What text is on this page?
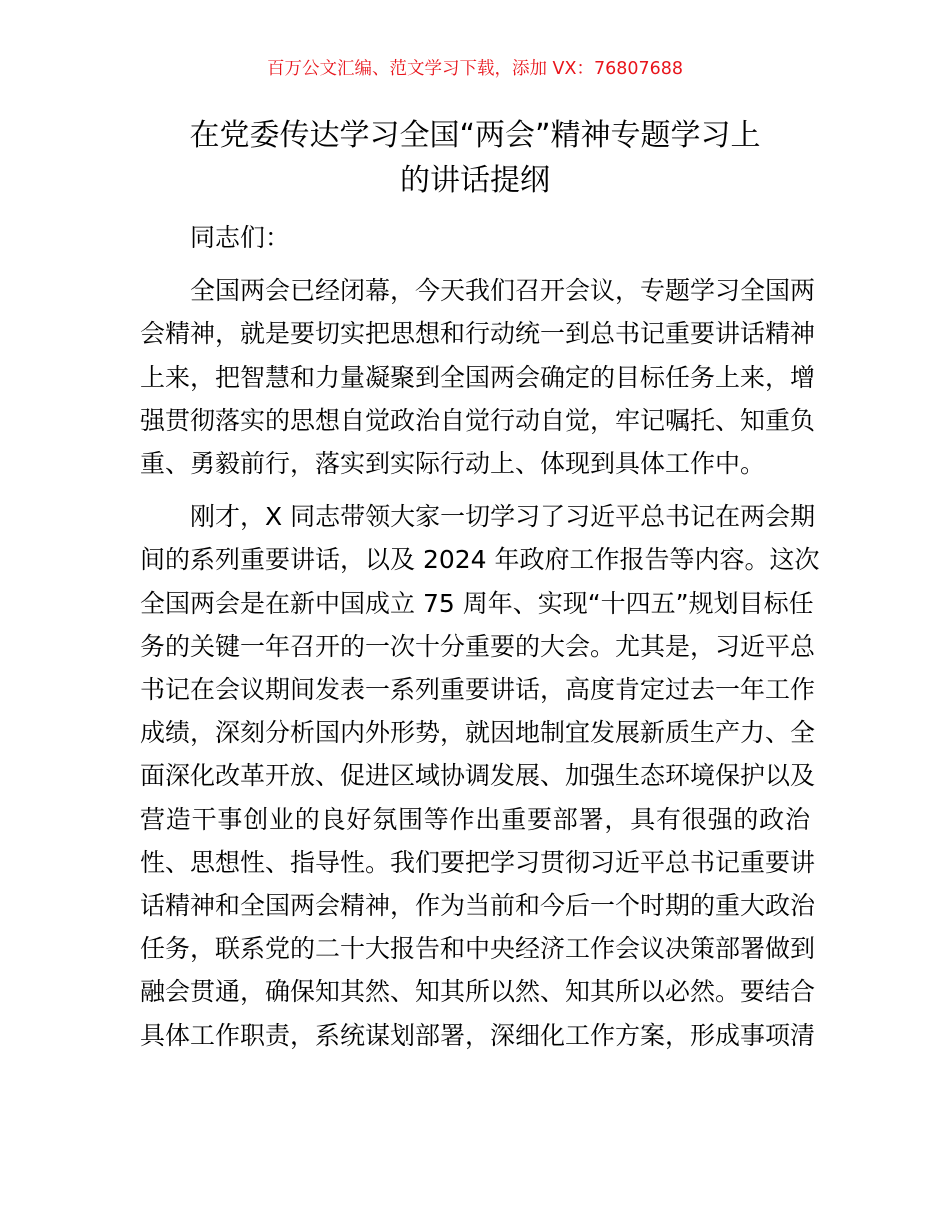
百万公文汇编、范文学习下载，添加 VX：76807688
在党委传达学习全国“两会”精神专题学习上
的讲话提纲
同志们：
全国两会已经闭幕，今天我们召开会议，专题学习全国两
会精神，就是要切实把思想和行动统一到总书记重要讲话精神
上来，把智慧和力量凝聚到全国两会确定的目标任务上来，增
强贯彻落实的思想自觉政治自觉行动自觉，牢记嘱托、知重负
重、勇毅前行，落实到实际行动上、体现到具体工作中。
刚才，X 同志带领大家一切学习了习近平总书记在两会期
间的系列重要讲话，以及 2024 年政府工作报告等内容。这次
全国两会是在新中国成立 75 周年、实现“十四五”规划目标任
务的关键一年召开的一次十分重要的大会。尤其是，习近平总
书记在会议期间发表一系列重要讲话，高度肯定过去一年工作
成绩，深刻分析国内外形势，就因地制宜发展新质生产力、全
面深化改革开放、促进区域协调发展、加强生态环境保护以及
营造干事创业的良好氛围等作出重要部署，具有很强的政治
性、思想性、指导性。我们要把学习贯彻习近平总书记重要讲
话精神和全国两会精神，作为当前和今后一个时期的重大政治
任务，联系党的二十大报告和中央经济工作会议决策部署做到
融会贯通，确保知其然、知其所以然、知其所以必然。要结合
具体工作职责，系统谋划部署，深细化工作方案，形成事项清
